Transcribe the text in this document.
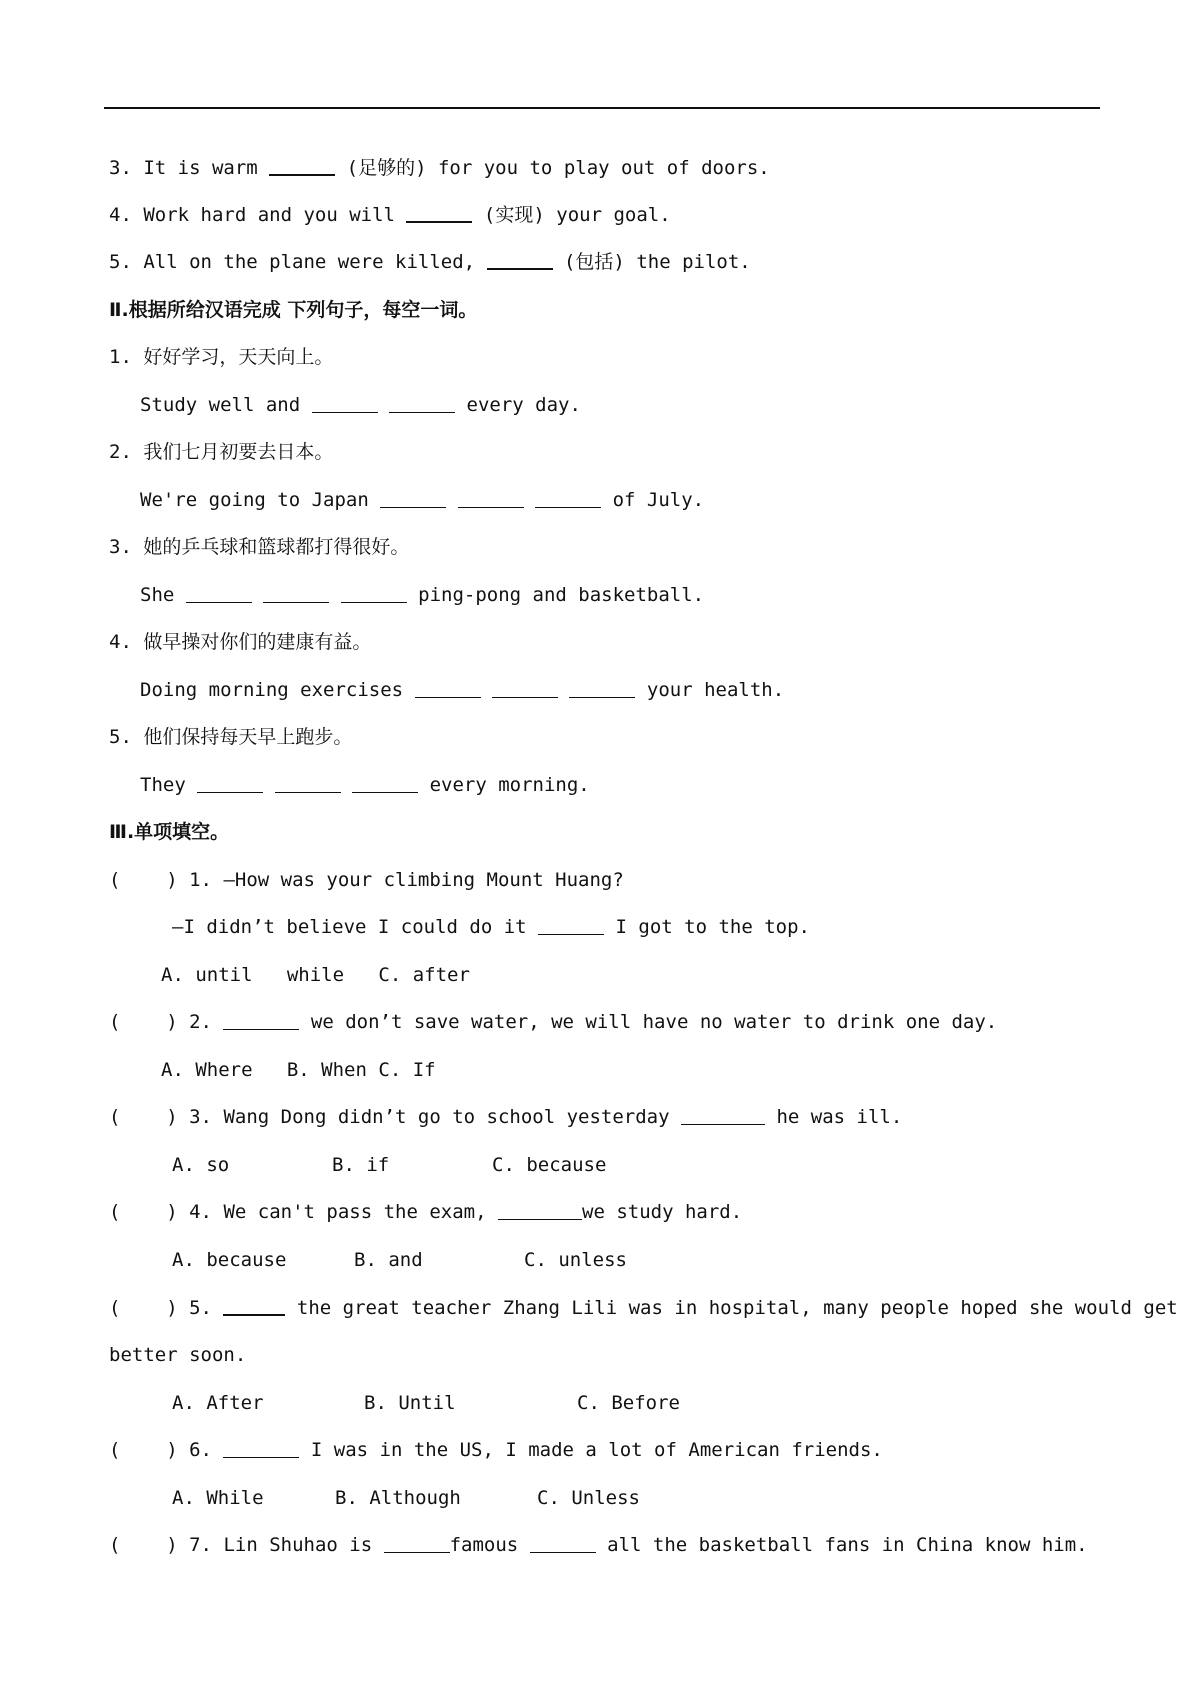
3. It is warm	(足够的) for you to play out of doors.
4. Work hard and you will	(实现) your goal.
5. All on the plane were killed,	(包括) the pilot.
Ⅱ.根据所给汉语完成 下列句子，每空一词。
1. 好好学习，天天向上。
Study well and	every day.
2. 我们七月初要去日本。
We're going to Japan	of July.
3. 她的乒乓球和篮球都打得很好。
She	ping-pong and basketball.
4. 做早操对你们的建康有益。
Doing morning exercises	your health.
5. 他们保持每天早上跑步。
They	every morning.
Ⅲ.单项填空。
(    ) 1. —How was your climbing Mount Huang?
—I didn’t believe I could do it	I got to the top.
A. until while C. after
(    ) 2.	we don’t save water, we will have no water to drink one day.
A. Where B. When C. If
(    ) 3. Wang Dong didn’t go to school yesterday	he was ill.
A. so	B. if	C. because
(    ) 4. We can't pass the exam,	we study hard.
A. because	B. and	C. unless
(    ) 5.	the great teacher Zhang Lili was in hospital, many people hoped she would get
better soon.
A. After	B. Until	C. Before
(    ) 6.	I was in the US, I made a lot of American friends.
A. While	B. Although	C. Unless
(    ) 7. Lin Shuhao is	famous	all the basketball fans in China know him.
